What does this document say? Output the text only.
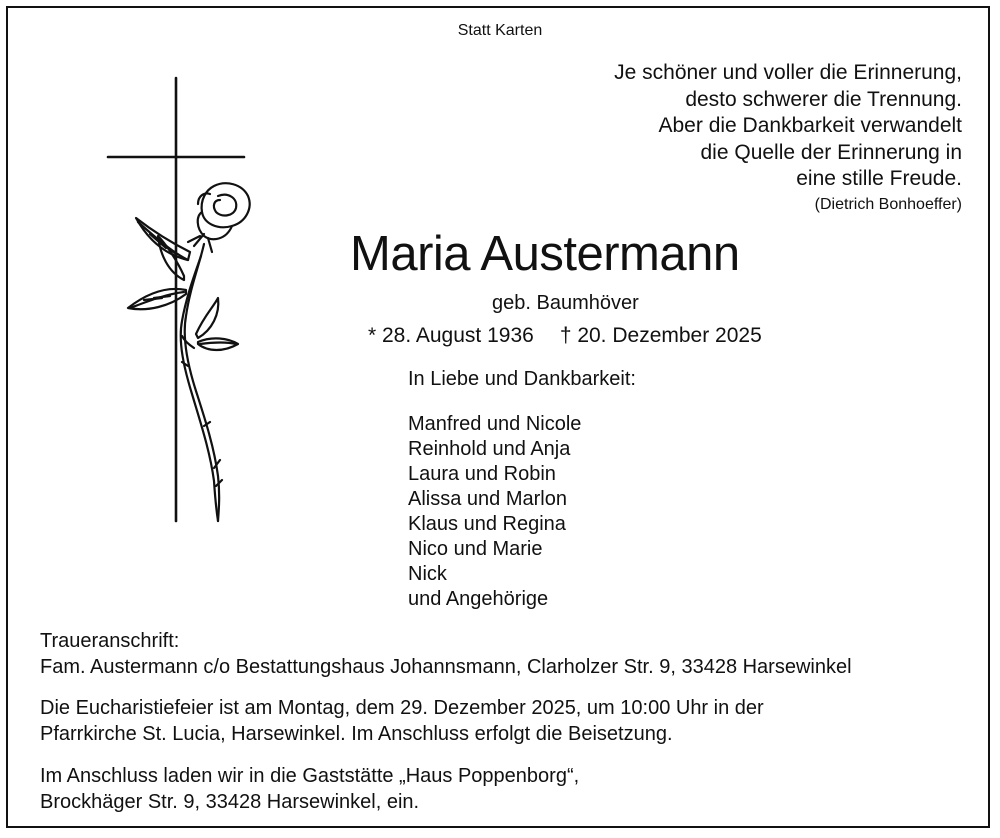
Statt Karten
Je schöner und voller die Erinnerung,
desto schwerer die Trennung.
Aber die Dankbarkeit verwandelt
die Quelle der Erinnerung in
eine stille Freude.
(Dietrich Bonhoeffer)
Maria Austermann
geb. Baumhöver
* 28. August 1936 † 20. Dezember 2025
In Liebe und Dankbarkeit:
Manfred und Nicole
Reinhold und Anja
Laura und Robin
Alissa und Marlon
Klaus und Regina
Nico und Marie
Nick
und Angehörige
Traueranschrift:
Fam. Austermann c/o Bestattungshaus Johannsmann, Clarholzer Str. 9, 33428 Harsewinkel
Die Eucharistiefeier ist am Montag, dem 29. Dezember 2025, um 10:00 Uhr in der
Pfarrkirche St. Lucia, Harsewinkel. Im Anschluss erfolgt die Beisetzung.
Im Anschluss laden wir in die Gaststätte „Haus Poppenborg“,
Brockhäger Str. 9, 33428 Harsewinkel, ein.
